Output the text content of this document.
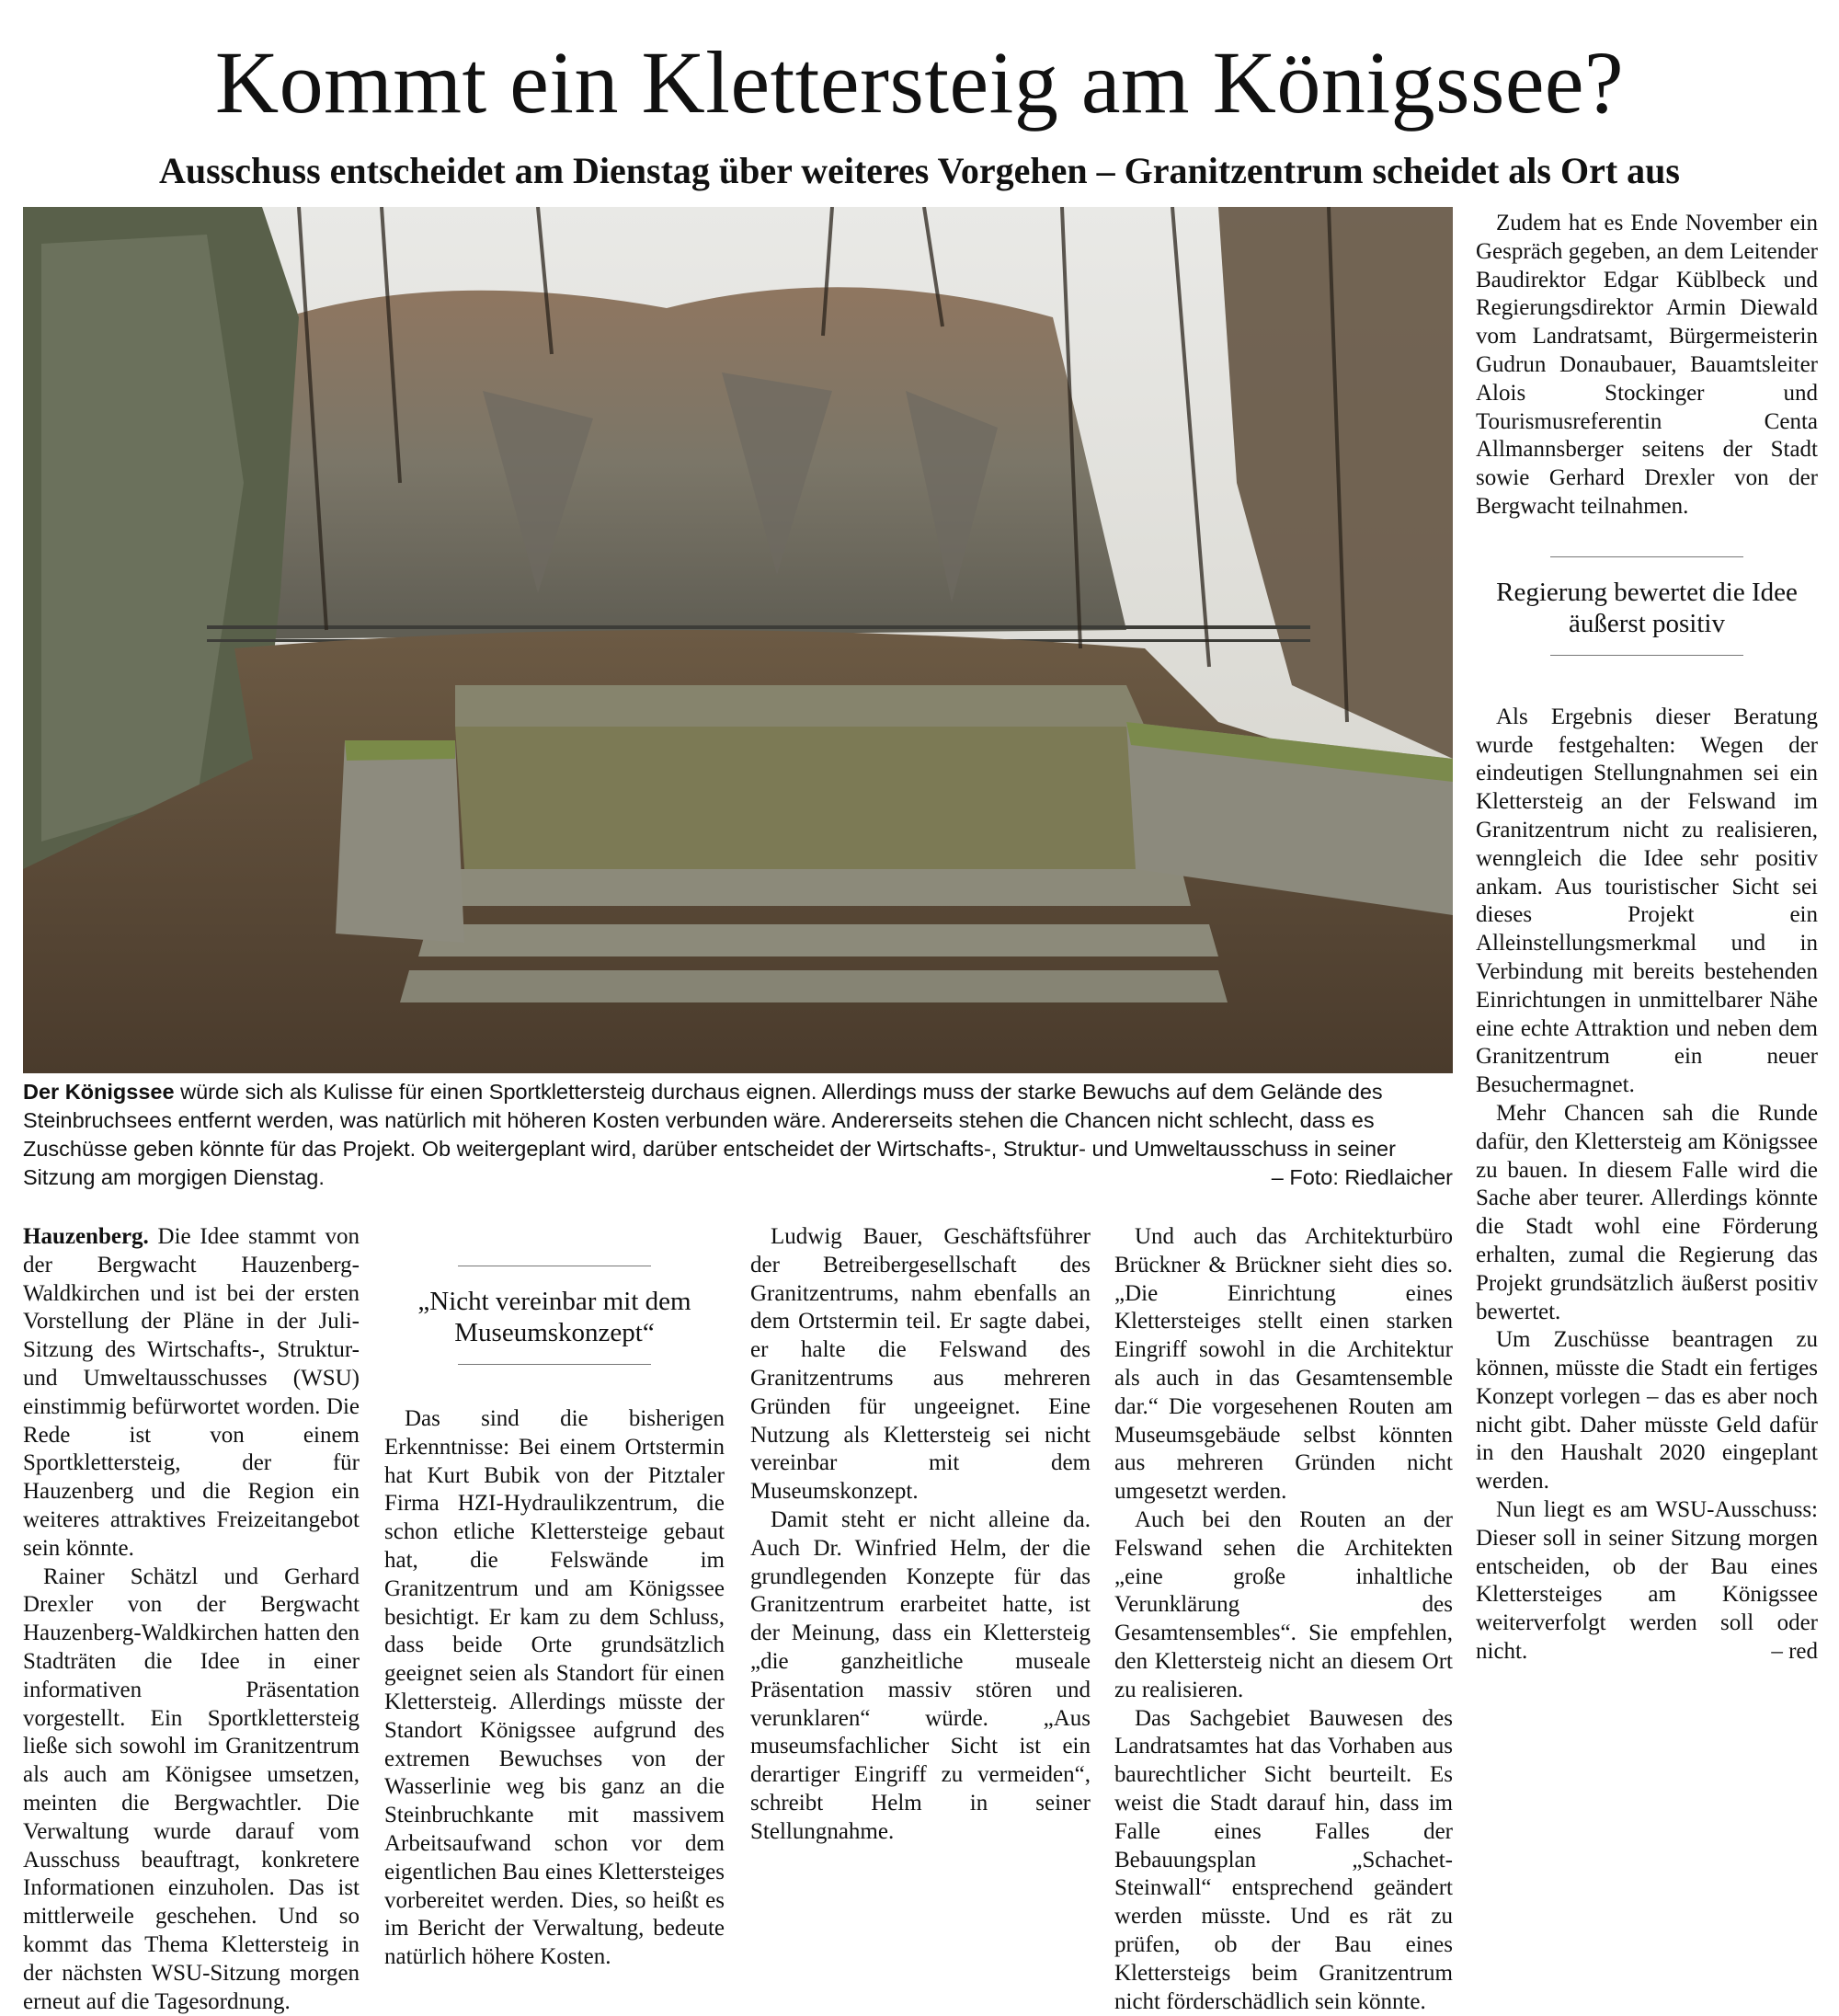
Kommt ein Klettersteig am Königssee?
Ausschuss entscheidet am Dienstag über weiteres Vorgehen – Granitzentrum scheidet als Ort aus
Der Königssee würde sich als Kulisse für einen Sportklettersteig durchaus eignen. Allerdings muss der starke Bewuchs auf dem Gelände des Steinbruchsees entfernt werden, was natürlich mit höheren Kosten verbunden wäre. Andererseits stehen die Chancen nicht schlecht, dass es Zuschüsse geben könnte für das Projekt. Ob weitergeplant wird, darüber entscheidet der Wirtschafts-, Struktur- und Umweltausschuss in seiner Sitzung am morgigen Dienstag.	– Foto: Riedlaicher

Hauzenberg. Die Idee stammt von der Bergwacht Hauzenberg-Waldkirchen und ist bei der ersten Vorstellung der Pläne in der Juli-Sitzung des Wirtschafts-, Struktur- und Umweltausschusses (WSU) einstimmig befürwortet worden. Die Rede ist von einem Sportklettersteig, der für Hauzenberg und die Region ein weiteres attraktives Freizeitangebot sein könnte.

Rainer Schätzl und Gerhard Drexler von der Bergwacht Hauzenberg-Waldkirchen hatten den Stadträten die Idee in einer informativen Präsentation vorgestellt. Ein Sportklettersteig ließe sich sowohl im Granitzentrum als auch am Königsee umsetzen, meinten die Bergwachtler. Die Verwaltung wurde darauf vom Ausschuss beauftragt, konkretere Informationen einzuholen. Das ist mittlerweile geschehen. Und so kommt das Thema Klettersteig in der nächsten WSU-Sitzung morgen erneut auf die Tagesordnung.

„Nicht vereinbar mit dem Museumskonzept“

Das sind die bisherigen Erkenntnisse: Bei einem Ortstermin hat Kurt Bubik von der Pitztaler Firma HZI-Hydraulikzentrum, die schon etliche Klettersteige gebaut hat, die Felswände im Granitzentrum und am Königssee besichtigt. Er kam zu dem Schluss, dass beide Orte grundsätzlich geeignet seien als Standort für einen Klettersteig. Allerdings müsste der Standort Königssee aufgrund des extremen Bewuchses von der Wasserlinie weg bis ganz an die Steinbruchkante mit massivem Arbeitsaufwand schon vor dem eigentlichen Bau eines Klettersteiges vorbereitet werden. Dies, so heißt es im Bericht der Verwaltung, bedeute natürlich höhere Kosten.

Ludwig Bauer, Geschäftsführer der Betreibergesellschaft des Granitzentrums, nahm ebenfalls an dem Ortstermin teil. Er sagte dabei, er halte die Felswand des Granitzentrums aus mehreren Gründen für ungeeignet. Eine Nutzung als Klettersteig sei nicht vereinbar mit dem Museumskonzept.

Damit steht er nicht alleine da. Auch Dr. Winfried Helm, der die grundlegenden Konzepte für das Granitzentrum erarbeitet hatte, ist der Meinung, dass ein Klettersteig „die ganzheitliche museale Präsentation massiv stören und verunklaren“ würde. „Aus museumsfachlicher Sicht ist ein derartiger Eingriff zu vermeiden“, schreibt Helm in seiner Stellungnahme.

Und auch das Architekturbüro Brückner & Brückner sieht dies so. „Die Einrichtung eines Klettersteiges stellt einen starken Eingriff sowohl in die Architektur als auch in das Gesamtensemble dar.“ Die vorgesehenen Routen am Museumsgebäude selbst könnten aus mehreren Gründen nicht umgesetzt werden.

Auch bei den Routen an der Felswand sehen die Architekten „eine große inhaltliche Verunklärung des Gesamtensembles“. Sie empfehlen, den Klettersteig nicht an diesem Ort zu realisieren.

Das Sachgebiet Bauwesen des Landratsamtes hat das Vorhaben aus baurechtlicher Sicht beurteilt. Es weist die Stadt darauf hin, dass im Falle eines Falles der Bebauungsplan „Schachet-Steinwall“ entsprechend geändert werden müsste. Und es rät zu prüfen, ob der Bau eines Klettersteigs beim Granitzentrum nicht förderschädlich sein könnte.

Zudem hat es Ende November ein Gespräch gegeben, an dem Leitender Baudirektor Edgar Küblbeck und Regierungsdirektor Armin Diewald vom Landratsamt, Bürgermeisterin Gudrun Donaubauer, Bauamtsleiter Alois Stockinger und Tourismusreferentin Centa Allmannsberger seitens der Stadt sowie Gerhard Drexler von der Bergwacht teilnahmen.

Regierung bewertet die Idee äußerst positiv

Als Ergebnis dieser Beratung wurde festgehalten: Wegen der eindeutigen Stellungnahmen sei ein Klettersteig an der Felswand im Granitzentrum nicht zu realisieren, wenngleich die Idee sehr positiv ankam. Aus touristischer Sicht sei dieses Projekt ein Alleinstellungsmerkmal und in Verbindung mit bereits bestehenden Einrichtungen in unmittelbarer Nähe eine echte Attraktion und neben dem Granitzentrum ein neuer Besuchermagnet.

Mehr Chancen sah die Runde dafür, den Klettersteig am Königssee zu bauen. In diesem Falle wird die Sache aber teurer. Allerdings könnte die Stadt wohl eine Förderung erhalten, zumal die Regierung das Projekt grundsätzlich äußerst positiv bewertet.

Um Zuschüsse beantragen zu können, müsste die Stadt ein fertiges Konzept vorlegen – das es aber noch nicht gibt. Daher müsste Geld dafür in den Haushalt 2020 eingeplant werden.

Nun liegt es am WSU-Ausschuss: Dieser soll in seiner Sitzung morgen entscheiden, ob der Bau eines Klettersteiges am Königssee weiterverfolgt werden soll oder nicht.	– red
